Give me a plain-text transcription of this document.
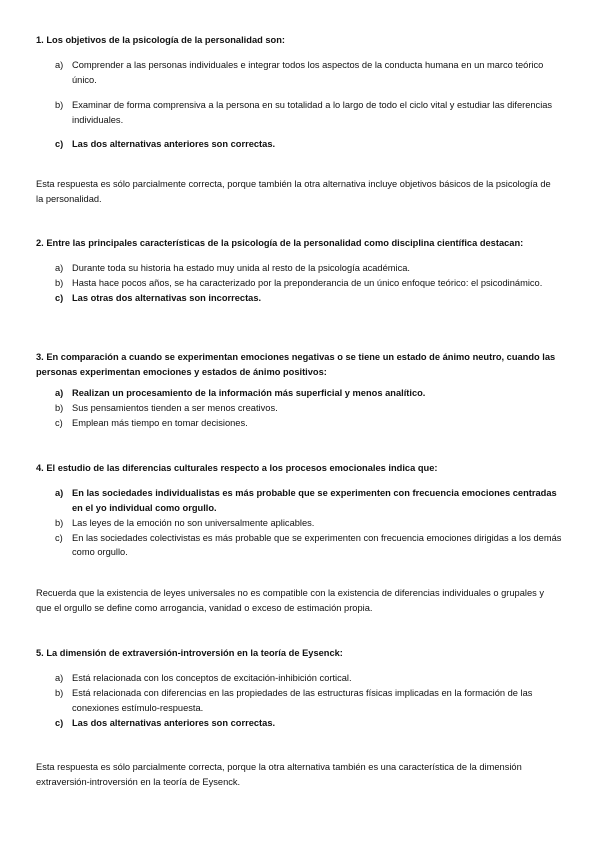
1. Los objetivos de la psicología de la personalidad son:

a) Comprender a las personas individuales e integrar todos los aspectos de la conducta humana en un marco teórico único.
b) Examinar de forma comprensiva a la persona en su totalidad a lo largo de todo el ciclo vital y estudiar las diferencias individuales.
c) Las dos alternativas anteriores son correctas.

Esta respuesta es sólo parcialmente correcta, porque también la otra alternativa incluye objetivos básicos de la psicología de la personalidad.

2. Entre las principales características de la psicología de la personalidad como disciplina científica destacan:

a) Durante toda su historia ha estado muy unida al resto de la psicología académica.
b) Hasta hace pocos años, se ha caracterizado por la preponderancia de un único enfoque teórico: el psicodinámico.
c) Las otras dos alternativas son incorrectas.

3. En comparación a cuando se experimentan emociones negativas o se tiene un estado de ánimo neutro, cuando las personas experimentan emociones y estados de ánimo positivos:

a) Realizan un procesamiento de la información más superficial y menos analítico.
b) Sus pensamientos tienden a ser menos creativos.
c) Emplean más tiempo en tomar decisiones.

4. El estudio de las diferencias culturales respecto a los procesos emocionales indica que:

a) En las sociedades individualistas es más probable que se experimenten con frecuencia emociones centradas en el yo individual como orgullo.
b) Las leyes de la emoción no son universalmente aplicables.
c) En las sociedades colectivistas es más probable que se experimenten con frecuencia emociones dirigidas a los demás como orgullo.

Recuerda que la existencia de leyes universales no es compatible con la existencia de diferencias individuales o grupales y que el orgullo se define como arrogancia, vanidad o exceso de estimación propia.

5. La dimensión de extraversión-introversión en la teoría de Eysenck:

a) Está relacionada con los conceptos de excitación-inhibición cortical.
b) Está relacionada con diferencias en las propiedades de las estructuras físicas implicadas en la formación de las conexiones estímulo-respuesta.
c) Las dos alternativas anteriores son correctas.

Esta respuesta es sólo parcialmente correcta, porque la otra alternativa también es una característica de la dimensión extraversión-introversión en la teoría de Eysenck.
